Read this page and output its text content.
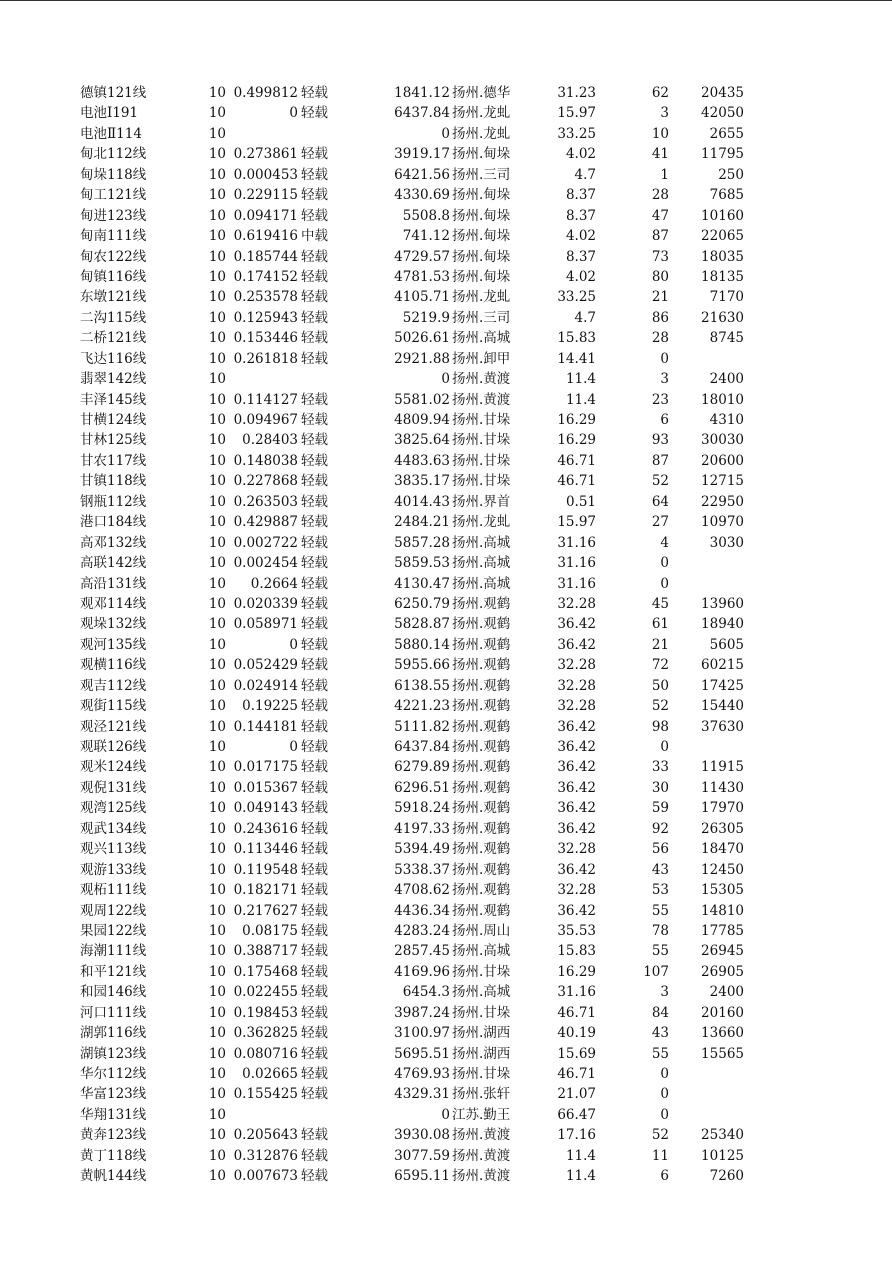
德镇121线	10 0.499812 轻载	1841.12 扬州.德华	31.23	62	20435
电池Ⅰ191	10	0 轻载	6437.84 扬州.龙虬	15.97	3	42050
电池Ⅱ114	10	0 扬州.龙虬	33.25	10	2655
甸北112线	10 0.273861 轻载	3919.17 扬州.甸垛	4.02	41	11795
甸垛118线	10 0.000453 轻载	6421.56 扬州.三司	4.7	1	250
甸工121线	10 0.229115 轻载	4330.69 扬州.甸垛	8.37	28	7685
甸进123线	10 0.094171 轻载	5508.8 扬州.甸垛	8.37	47	10160
甸南111线	10 0.619416 中载	741.12 扬州.甸垛	4.02	87	22065
甸农122线	10 0.185744 轻载	4729.57 扬州.甸垛	8.37	73	18035
甸镇116线	10 0.174152 轻载	4781.53 扬州.甸垛	4.02	80	18135
东墩121线	10 0.253578 轻载	4105.71 扬州.龙虬	33.25	21	7170
二沟115线	10 0.125943 轻载	5219.9 扬州.三司	4.7	86	21630
二桥121线	10 0.153446 轻载	5026.61 扬州.高城	15.83	28	8745
飞达116线	10 0.261818 轻载	2921.88 扬州.卸甲	14.41	0
翡翠142线	10	0 扬州.黄渡	11.4	3	2400
丰泽145线	10 0.114127 轻载	5581.02 扬州.黄渡	11.4	23	18010
甘横124线	10 0.094967 轻载	4809.94 扬州.甘垛	16.29	6	4310
甘林125线	10	0.28403 轻载	3825.64 扬州.甘垛	16.29	93	30030
甘农117线	10 0.148038 轻载	4483.63 扬州.甘垛	46.71	87	20600
甘镇118线	10 0.227868 轻载	3835.17 扬州.甘垛	46.71	52	12715
钢瓶112线	10 0.263503 轻载	4014.43 扬州.界首	0.51	64	22950
港口184线	10 0.429887 轻载	2484.21 扬州.龙虬	15.97	27	10970
高邓132线	10 0.002722 轻载	5857.28 扬州.高城	31.16	4	3030
高联142线	10 0.002454 轻载	5859.53 扬州.高城	31.16	0
高沿131线	10	0.2664 轻载	4130.47 扬州.高城	31.16	0
观邓114线	10 0.020339 轻载	6250.79 扬州.观鹤	32.28	45	13960
观垛132线	10 0.058971 轻载	5828.87 扬州.观鹤	36.42	61	18940
观河135线	10	0 轻载	5880.14 扬州.观鹤	36.42	21	5605
观横116线	10 0.052429 轻载	5955.66 扬州.观鹤	32.28	72	60215
观吉112线	10 0.024914 轻载	6138.55 扬州.观鹤	32.28	50	17425
观街115线	10	0.19225 轻载	4221.23 扬州.观鹤	32.28	52	15440
观泾121线	10 0.144181 轻载	5111.82 扬州.观鹤	36.42	98	37630
观联126线	10	0 轻载	6437.84 扬州.观鹤	36.42	0
观米124线	10 0.017175 轻载	6279.89 扬州.观鹤	36.42	33	11915
观倪131线	10 0.015367 轻载	6296.51 扬州.观鹤	36.42	30	11430
观湾125线	10 0.049143 轻载	5918.24 扬州.观鹤	36.42	59	17970
观武134线	10 0.243616 轻载	4197.33 扬州.观鹤	36.42	92	26305
观兴113线	10 0.113446 轻载	5394.49 扬州.观鹤	32.28	56	18470
观游133线	10 0.119548 轻载	5338.37 扬州.观鹤	36.42	43	12450
观柘111线	10 0.182171 轻载	4708.62 扬州.观鹤	32.28	53	15305
观周122线	10 0.217627 轻载	4436.34 扬州.观鹤	36.42	55	14810
果园122线	10	0.08175 轻载	4283.24 扬州.周山	35.53	78	17785
海潮111线	10 0.388717 轻载	2857.45 扬州.高城	15.83	55	26945
和平121线	10 0.175468 轻载	4169.96 扬州.甘垛	16.29	107	26905
和园146线	10 0.022455 轻载	6454.3 扬州.高城	31.16	3	2400
河口111线	10 0.198453 轻载	3987.24 扬州.甘垛	46.71	84	20160
湖郭116线	10 0.362825 轻载	3100.97 扬州.湖西	40.19	43	13660
湖镇123线	10 0.080716 轻载	5695.51 扬州.湖西	15.69	55	15565
华尔112线	10	0.02665 轻载	4769.93 扬州.甘垛	46.71	0
华富123线	10 0.155425 轻载	4329.31 扬州.张轩	21.07	0
华翔131线	10	0 江苏.勤王	66.47	0
黄奔123线	10 0.205643 轻载	3930.08 扬州.黄渡	17.16	52	25340
黄丁118线	10 0.312876 轻载	3077.59 扬州.黄渡	11.4	11	10125
黄帆144线	10 0.007673 轻载	6595.11 扬州.黄渡	11.4	6	7260
